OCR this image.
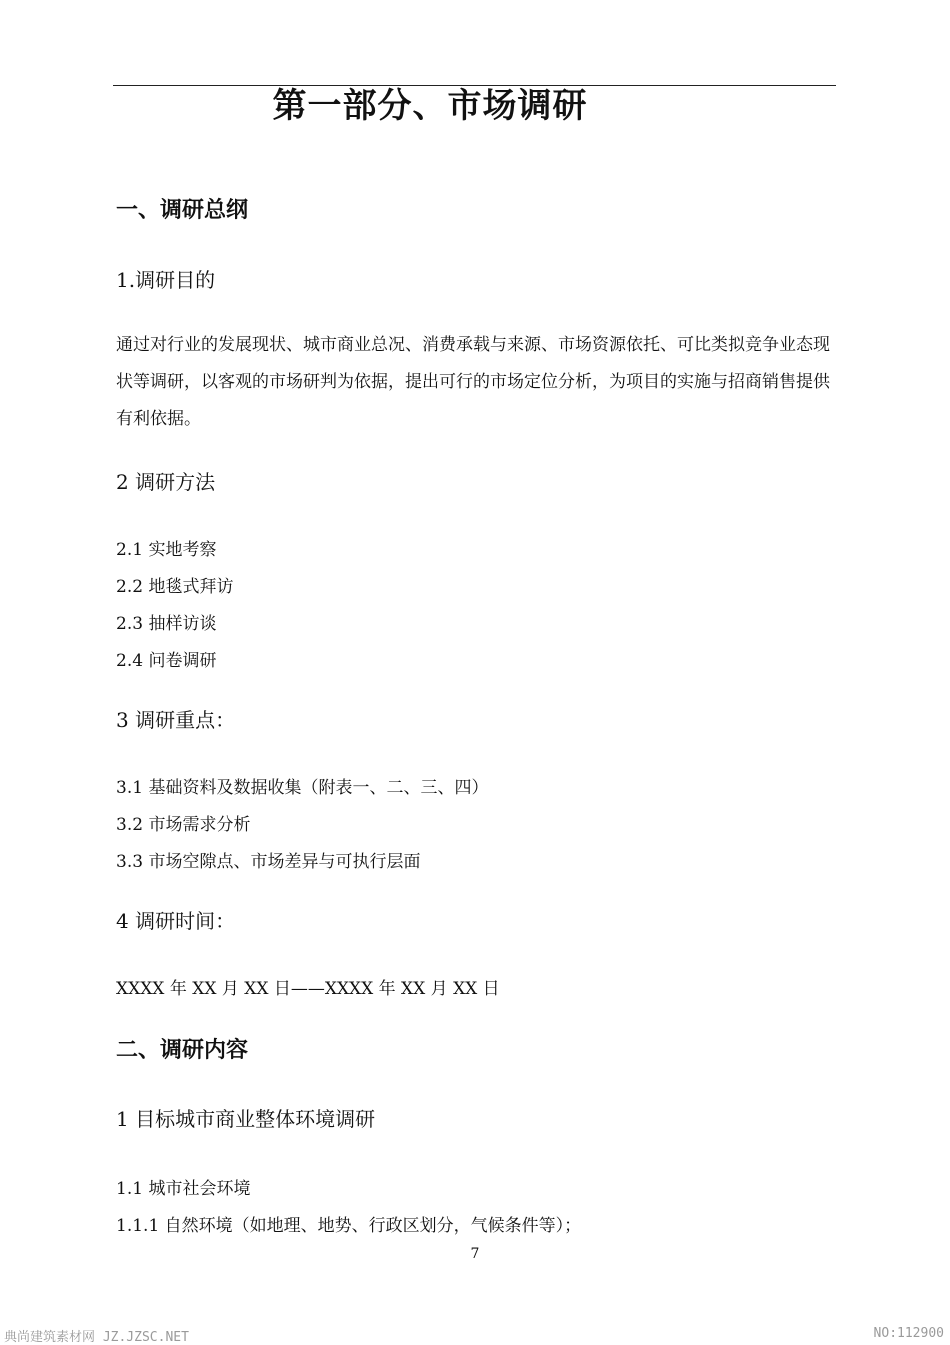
第一部分、市场调研
一、调研总纲
1.调研目的
通过对行业的发展现状、城市商业总况、消费承载与来源、市场资源依托、可比类拟竞争业态现状等调研，以客观的市场研判为依据，提出可行的市场定位分析，为项目的实施与招商销售提供有利依据。
2 调研方法
2.1 实地考察
2.2 地毯式拜访
2.3 抽样访谈
2.4 问卷调研
3 调研重点：
3.1 基础资料及数据收集（附表一、二、三、四）
3.2 市场需求分析
3.3 市场空隙点、市场差异与可执行层面
4 调研时间：
XXXX 年 XX 月 XX 日——XXXX 年 XX 月 XX 日
二、调研内容
1 目标城市商业整体环境调研
1.1 城市社会环境
1.1.1 自然环境（如地理、地势、行政区划分，气候条件等）；
7
典尚建筑素材网 JZ.JZSC.NET	NO:112900
